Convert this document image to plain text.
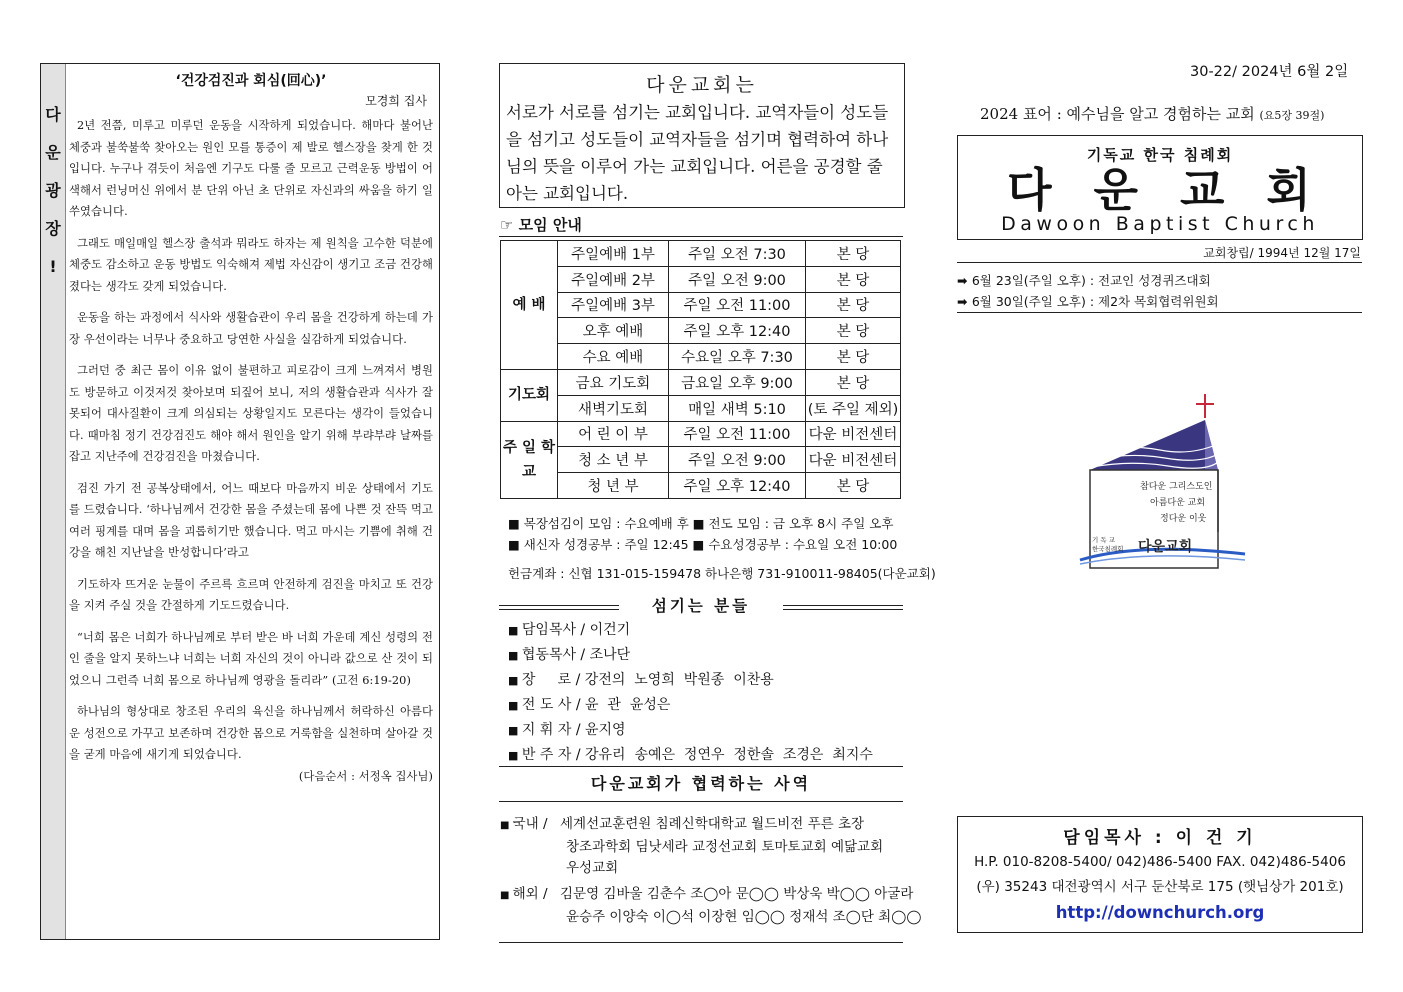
다
운
광
장
!
‘건강검진과 회심(回心)’
모경희 집사

2년 전쯤, 미루고 미루던 운동을 시작하게 되었습니다. 해마다 불어난 체중과 불쑥불쑥 찾아오는 원인 모를 통증이 제 발로 헬스장을 찾게 한 것입니다. 누구나 겪듯이 처음엔 기구도 다룰 줄 모르고 근력운동 방법이 어색해서 런닝머신 위에서 분 단위 아닌 초 단위로 자신과의 싸움을 하기 일쑤였습니다.

그래도 매일매일 헬스장 출석과 뭐라도 하자는 제 원칙을 고수한 덕분에 체중도 감소하고 운동 방법도 익숙해져 제법 자신감이 생기고 조금 건강해졌다는 생각도 갖게 되었습니다.

운동을 하는 과정에서 식사와 생활습관이 우리 몸을 건강하게 하는데 가장 우선이라는 너무나 중요하고 당연한 사실을 실감하게 되었습니다.

그러던 중 최근 몸이 이유 없이 불편하고 피로감이 크게 느껴져서 병원도 방문하고 이것저것 찾아보며 되짚어 보니, 저의 생활습관과 식사가 잘못되어 대사질환이 크게 의심되는 상황일지도 모른다는 생각이 들었습니다. 때마침 정기 건강검진도 해야 해서 원인을 알기 위해 부랴부랴 날짜를 잡고 지난주에 건강검진을 마쳤습니다.

검진 가기 전 공복상태에서, 어느 때보다 마음까지 비운 상태에서 기도를 드렸습니다. ‘하나님께서 건강한 몸을 주셨는데 몸에 나쁜 것 잔뜩 먹고 여러 핑계를 대며 몸을 괴롭히기만 했습니다. 먹고 마시는 기쁨에 취해 건강을 해친 지난날을 반성합니다’라고

기도하자 뜨거운 눈물이 주르륵 흐르며 안전하게 검진을 마치고 또 건강을 지켜 주실 것을 간절하게 기도드렸습니다.

“너희 몸은 너희가 하나님께로 부터 받은 바 너희 가운데 계신 성령의 전인 줄을 알지 못하느냐 너희는 너희 자신의 것이 아니라 값으로 산 것이 되었으니 그런즉 너희 몸으로 하나님께 영광을 돌리라” (고전 6:19-20)

하나님의 형상대로 창조된 우리의 육신을 하나님께서 허락하신 아름다운 성전으로 가꾸고 보존하며 건강한 몸으로 거룩함을 실천하며 살아갈 것을 굳게 마음에 새기게 되었습니다.

(다음순서 : 서정옥 집사님)

다운교회는
서로가 서로를 섬기는 교회입니다. 교역자들이 성도들을 섬기고 성도들이 교역자들을 섬기며 협력하여 하나님의 뜻을 이루어 가는 교회입니다. 어른을 공경할 줄 아는 교회입니다.
☞ 모임 안내
예 배	주일예배 1부	주일 오전 7:30	본 당
	주일예배 2부	주일 오전 9:00	본 당
	주일예배 3부	주일 오전 11:00	본 당
	오후 예배	주일 오후 12:40	본 당
	수요 예배	수요일 오후 7:30	본 당
기도회	금요 기도회	금요일 오후 9:00	본 당
	새벽기도회	매일 새벽 5:10	(토 주일 제외)
주 일 학 교	어 린 이 부	주일 오전 11:00	다운 비전센터
	청 소 년 부	주일 오전 9:00	다운 비전센터
	청 년 부	주일 오후 12:40	본 당
■ 목장섬김이 모임 : 수요예배 후 ■ 전도 모임 : 금 오후 8시 주일 오후
■ 새신자 성경공부 : 주일 12:45 ■ 수요성경공부 : 수요일 오전 10:00
헌금계좌 : 신협 131-015-159478 하나은행 731-910011-98405(다운교회)
섬기는 분들
■ 담임목사 / 이건기
■ 협동목사 / 조나단
■ 장     로 / 강전의  노영희  박원종  이찬용
■ 전 도 사 / 윤  관  윤성은
■ 지 휘 자 / 윤지영
■ 반 주 자 / 강유리  송예은  정연우  정한솔  조경은  최지수
다운교회가 협력하는 사역
■ 국내 / 세계선교훈련원 침례신학대학교 월드비전 푸른 초장
창조과학회 딤낫세라 교정선교회 토마토교회 예닮교회
우성교회
■ 해외 / 김문영 김바울 김춘수 조◯아 문◯◯ 박상욱 박◯◯ 아굴라
윤승주 이양숙 이◯석 이장현 임◯◯ 정재석 조◯단 최◯◯
30-22/ 2024년 6월 2일
2024 표어 : 예수님을 알고 경험하는 교회 (요5장 39절)
기독교 한국 침례회
다운교회
Dawoon Baptist Church
교회창립/ 1994년 12월 17일
➡ 6월 23일(주일 오후) : 전교인 성경퀴즈대회
➡ 6월 30일(주일 오후) : 제2차 목회협력위원회
참다운 그리스도인
아름다운 교회
정다운 이웃
기 독 교
한국침례회 다운교회
담임목사 : 이 건 기
H.P. 010-8208-5400/ 042)486-5400 FAX. 042)486-5406
(우) 35243 대전광역시 서구 둔산북로 175 (햇님상가 201호)
http://downchurch.org
